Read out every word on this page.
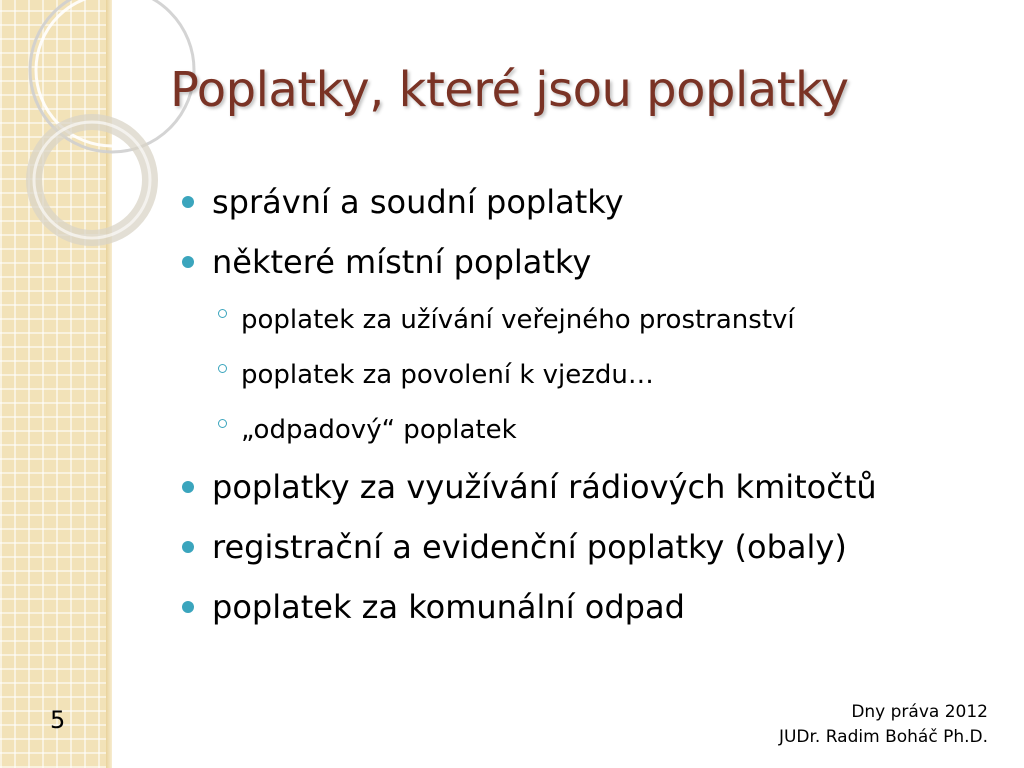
Poplatky, které jsou poplatky
správní a soudní poplatky
některé místní poplatky
poplatek za užívání veřejného prostranství
poplatek za povolení k vjezdu…
„odpadový“ poplatek
poplatky za využívání rádiových kmitočtů
registrační a evidenční poplatky (obaly)
poplatek za komunální odpad
5	Dny práva 2012
JUDr. Radim Boháč Ph.D.
